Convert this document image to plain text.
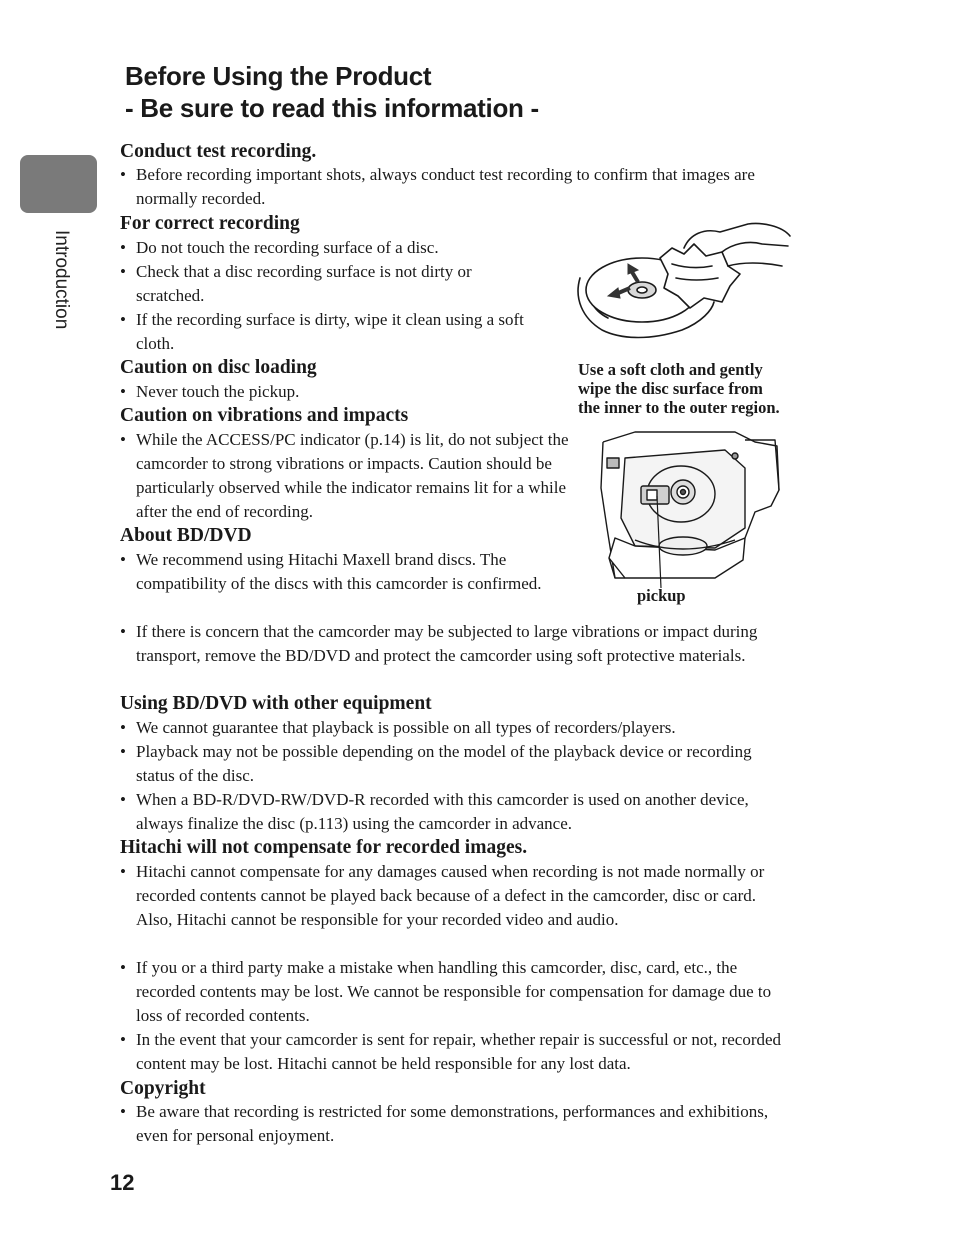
Introduction
Before Using the Product
- Be sure to read this information -
Conduct test recording.
• Before recording important shots, always conduct test recording to confirm that images are normally recorded.
For correct recording
• Do not touch the recording surface of a disc.
• Check that a disc recording surface is not dirty or scratched.
• If the recording surface is dirty, wipe it clean using a soft cloth.
Caution on disc loading
• Never touch the pickup.
Caution on vibrations and impacts
• While the ACCESS/PC indicator (p.14) is lit, do not subject the camcorder to strong vibrations or impacts. Caution should be particularly observed while the indicator remains lit for a while after the end of recording.
About BD/DVD
• We recommend using Hitachi Maxell brand discs. The compatibility of the discs with this camcorder is confirmed.
• If there is concern that the camcorder may be subjected to large vibrations or impact during transport, remove the BD/DVD and protect the camcorder using soft protective materials.
Using BD/DVD with other equipment
• We cannot guarantee that playback is possible on all types of recorders/players.
• Playback may not be possible depending on the model of the playback device or recording status of the disc.
• When a BD-R/DVD-RW/DVD-R recorded with this camcorder is used on another device, always finalize the disc (p.113) using the camcorder in advance.
Hitachi will not compensate for recorded images.
• Hitachi cannot compensate for any damages caused when recording is not made normally or recorded contents cannot be played back because of a defect in the camcorder, disc or card. Also, Hitachi cannot be responsible for your recorded video and audio.
• If you or a third party make a mistake when handling this camcorder, disc, card, etc., the recorded contents may be lost. We cannot be responsible for compensation for damage due to loss of recorded contents.
• In the event that your camcorder is sent for repair, whether repair is successful or not, recorded content may be lost. Hitachi cannot be held responsible for any lost data.
Copyright
• Be aware that recording is restricted for some demonstrations, performances and exhibitions, even for personal enjoyment.
Use a soft cloth and gently
wipe the disc surface from
the inner to the outer region.
pickup
12
